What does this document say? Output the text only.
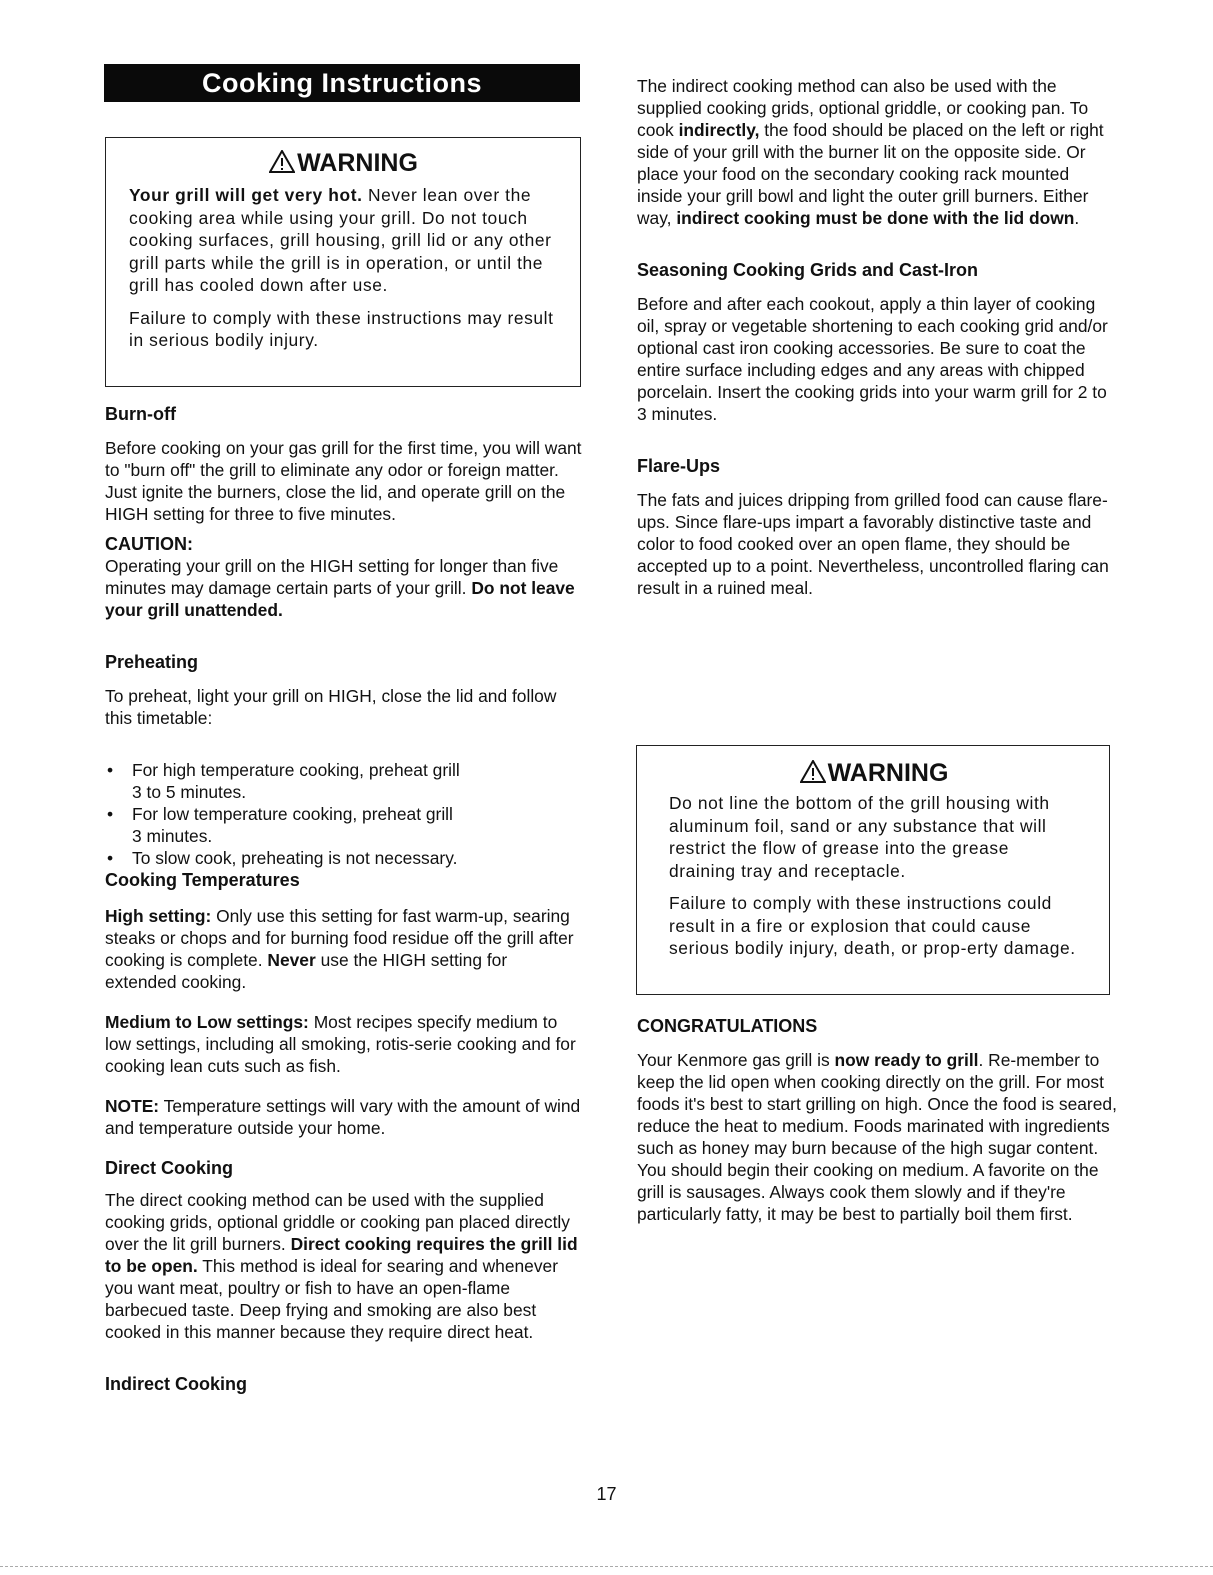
Cooking Instructions
WARNING

Your grill will get very hot. Never lean over the cooking area while using your grill. Do not touch cooking surfaces, grill housing, grill lid or any other grill parts while the grill is in operation, or until the grill has cooled down after use.

Failure to comply with these instructions may result in serious bodily injury.

Burn-off

Before cooking on your gas grill for the first time, you will want to "burn off" the grill to eliminate any odor or foreign matter. Just ignite the burners, close the lid, and operate grill on the HIGH setting for three to five minutes.

CAUTION:

Operating your grill on the HIGH setting for longer than five minutes may damage certain parts of your grill. Do not leave your grill unattended.

Preheating

To preheat, light your grill on HIGH, close the lid and follow this timetable:

• For high temperature cooking, preheat grill
3 to 5 minutes.
• For low temperature cooking, preheat grill
3 minutes.
• To slow cook, preheating is not necessary.

Cooking Temperatures

High setting: Only use this setting for fast warm-up, searing steaks or chops and for burning food residue off the grill after cooking is complete. Never use the HIGH setting for extended cooking.

Medium to Low settings: Most recipes specify medium to low settings, including all smoking, rotis-serie cooking and for cooking lean cuts such as fish.

NOTE: Temperature settings will vary with the amount of wind and temperature outside your home.

Direct Cooking

The direct cooking method can be used with the supplied cooking grids, optional griddle or cooking pan placed directly over the lit grill burners. Direct cooking requires the grill lid to be open. This method is ideal for searing and whenever you want meat, poultry or fish to have an open-flame barbecued taste. Deep frying and smoking are also best cooked in this manner because they require direct heat.

Indirect Cooking

The indirect cooking method can also be used with the supplied cooking grids, optional griddle, or cooking pan. To cook indirectly, the food should be placed on the left or right side of your grill with the burner lit on the opposite side. Or place your food on the secondary cooking rack mounted inside your grill bowl and light the outer grill burners. Either way, indirect cooking must be done with the lid down.

Seasoning Cooking Grids and Cast-Iron

Before and after each cookout, apply a thin layer of cooking oil, spray or vegetable shortening to each cooking grid and/or optional cast iron cooking accessories. Be sure to coat the entire surface including edges and any areas with chipped porcelain. Insert the cooking grids into your warm grill for 2 to 3 minutes.

Flare-Ups

The fats and juices dripping from grilled food can cause flare-ups. Since flare-ups impart a favorably distinctive taste and color to food cooked over an open flame, they should be accepted up to a point. Nevertheless, uncontrolled flaring can result in a ruined meal.

WARNING

Do not line the bottom of the grill housing with aluminum foil, sand or any substance that will restrict the flow of grease into the grease draining tray and receptacle.

Failure to comply with these instructions could result in a fire or explosion that could cause serious bodily injury, death, or prop-erty damage.

CONGRATULATIONS

Your Kenmore gas grill is now ready to grill. Re-member to keep the lid open when cooking directly on the grill. For most foods it's best to start grilling on high. Once the food is seared, reduce the heat to medium. Foods marinated with ingredients such as honey may burn because of the high sugar content. You should begin their cooking on medium. A favorite on the grill is sausages. Always cook them slowly and if they're particularly fatty, it may be best to partially boil them first.

17
